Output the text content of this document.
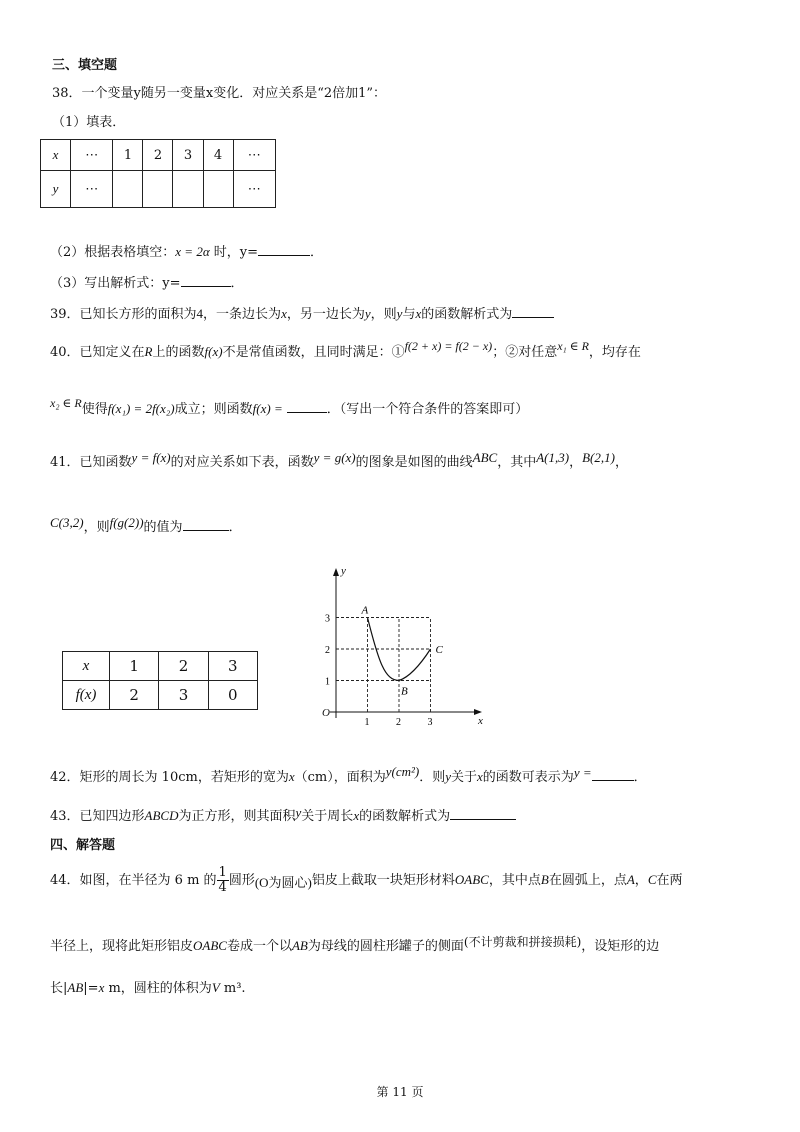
三、填空题
38．一个变量y随另一变量x变化．对应关系是“2倍加1”：
（1）填表．
x	⋯	1	2	3	4	⋯
y	⋯					⋯
（2）根据表格填空：x = 2α 时，y=	．
（3）写出解析式：y=	．
39．已知长方形的面积为4，一条边长为x，另一边长为y，则y与x的函数解析式为
40．已知定义在R上的函数f(x)不是常值函数，且同时满足：①f(2 + x) = f(2 − x)；②对任意x₁ ∈ R，均存在
x₂ ∈ R使得f(x₁) = 2f(x₂)成立；则函数f(x) =	．（写出一个符合条件的答案即可）
41．已知函数y = f(x)的对应关系如下表，函数y = g(x)的图象是如图的曲线ABC，其中A(1,3)，B(2,1)，
C(3,2)，则f(g(2))的值为	．
x	1	2	3
f(x)	2	3	0
O
x
y
1	2	3
1
2
3
A
B
C
42．矩形的周长为 10cm，若矩形的宽为x（cm），面积为y(cm²)．则y关于x的函数可表示为y =	．
43．已知四边形ABCD为正方形，则其面积y关于周长x的函数解析式为
四、解答题
44．如图，在半径为 6 m 的 $\frac{1}{4}$ 圆形(O为圆心)铝皮上截取一块矩形材料OABC，其中点B在圆弧上，点A，C在两
半径上，现将此矩形铝皮OABC卷成一个以AB为母线的圆柱形罐子的侧面(不计剪裁和拼接损耗)，设矩形的边
长|AB|=x m，圆柱的体积为V m³.
第 11 页
